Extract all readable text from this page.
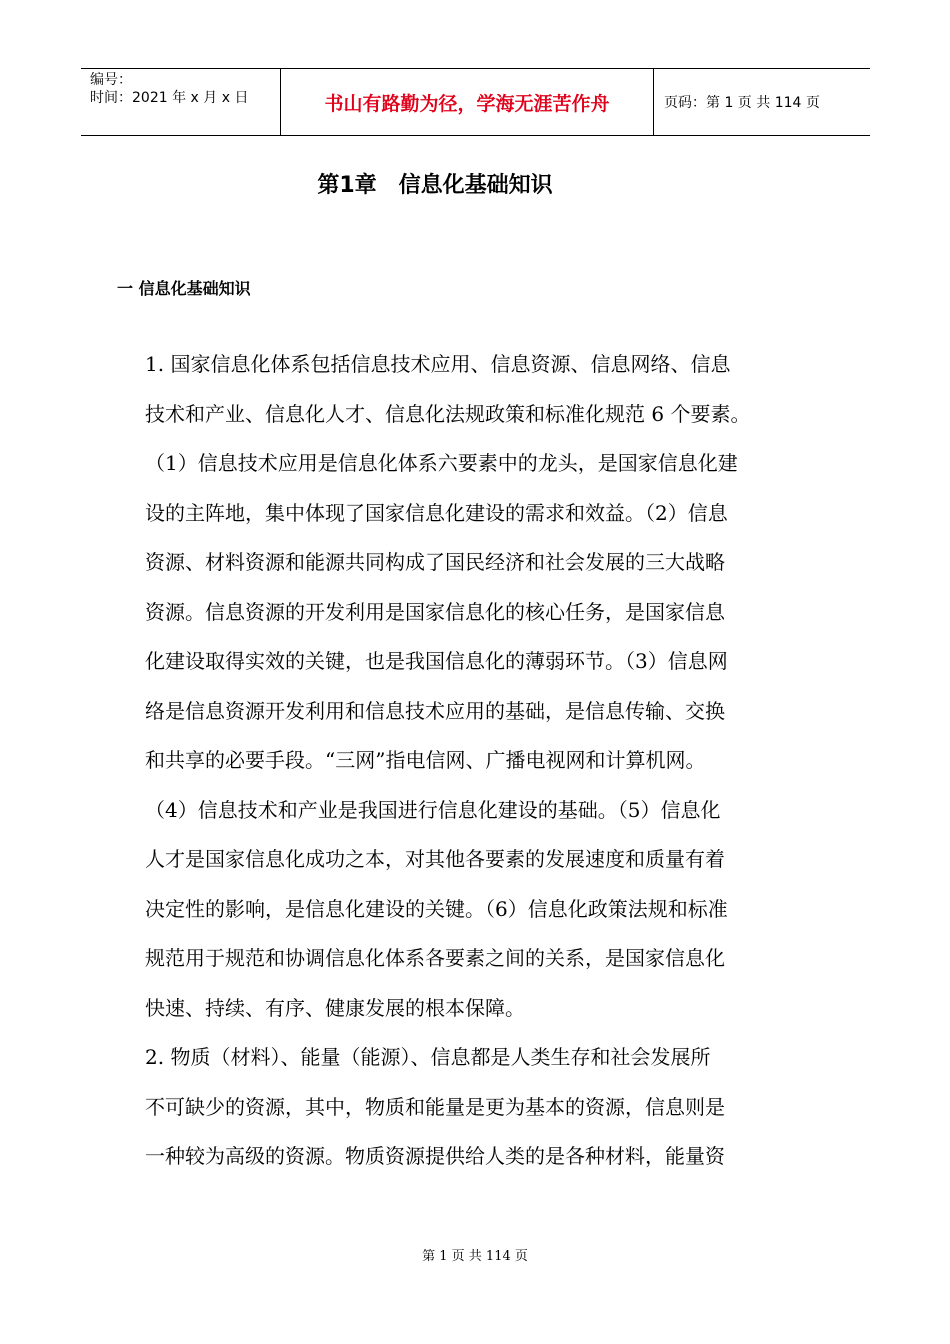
编号：
时间：2021 年 x 月 x 日	书山有路勤为径，学海无涯苦作舟	页码：第 1 页 共 114 页
第1章　信息化基础知识
一 信息化基础知识
1. 国家信息化体系包括信息技术应用、信息资源、信息网络、信息
技术和产业、信息化人才、信息化法规政策和标准化规范 6 个要素。
（1）信息技术应用是信息化体系六要素中的龙头，是国家信息化建
设的主阵地，集中体现了国家信息化建设的需求和效益。（2）信息
资源、材料资源和能源共同构成了国民经济和社会发展的三大战略
资源。信息资源的开发利用是国家信息化的核心任务，是国家信息
化建设取得实效的关键，也是我国信息化的薄弱环节。（3）信息网
络是信息资源开发利用和信息技术应用的基础，是信息传输、交换
和共享的必要手段。“三网”指电信网、广播电视网和计算机网。
（4）信息技术和产业是我国进行信息化建设的基础。（5）信息化
人才是国家信息化成功之本，对其他各要素的发展速度和质量有着
决定性的影响，是信息化建设的关键。（6）信息化政策法规和标准
规范用于规范和协调信息化体系各要素之间的关系，是国家信息化
快速、持续、有序、健康发展的根本保障。
2. 物质（材料）、能量（能源）、信息都是人类生存和社会发展所
不可缺少的资源，其中，物质和能量是更为基本的资源，信息则是
一种较为高级的资源。物质资源提供给人类的是各种材料，能量资
第 1 页 共 114 页
